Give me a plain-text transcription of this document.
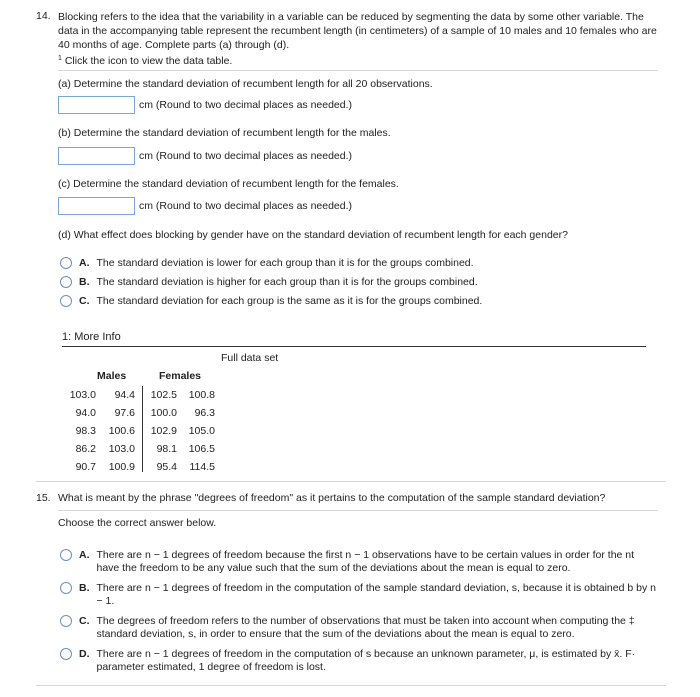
14. Blocking refers to the idea that the variability in a variable can be reduced by segmenting the data by some other variable. The data in the accompanying table represent the recumbent length (in centimeters) of a sample of 10 males and 10 females who are 40 months of age. Complete parts (a) through (d).
$^1$ Click the icon to view the data table.
(a) Determine the standard deviation of recumbent length for all 20 observations.
cm (Round to two decimal places as needed.)
(b) Determine the standard deviation of recumbent length for the males.
cm (Round to two decimal places as needed.)
(c) Determine the standard deviation of recumbent length for the females.
cm (Round to two decimal places as needed.)
(d) What effect does blocking by gender have on the standard deviation of recumbent length for each gender?
A. The standard deviation is lower for each group than it is for the groups combined.
B. The standard deviation is higher for each group than it is for the groups combined.
C. The standard deviation for each group is the same as it is for the groups combined.
1: More Info
Full data set
Males	Females
103.0
94.0
98.3
86.2
90.7
94.4
97.6
100.6
103.0
100.9
102.5
100.0
102.9
98.1
95.4
100.8
96.3
105.0
106.5
114.5
15. What is meant by the phrase "degrees of freedom" as it pertains to the computation of the sample standard deviation?
Choose the correct answer below.
A. There are n − 1 degrees of freedom because the first n − 1 observations have to be certain values in order for the nt have the freedom to be any value such that the sum of the deviations about the mean is equal to zero.
B. There are n − 1 degrees of freedom in the computation of the sample standard deviation, s, because it is obtained b by n − 1.
C. The degrees of freedom refers to the number of observations that must be taken into account when computing the ‡ standard deviation, s, in order to ensure that the sum of the deviations about the mean is equal to zero.
D. There are n − 1 degrees of freedom in the computation of s because an unknown parameter, μ, is estimated by x̄. F· parameter estimated, 1 degree of freedom is lost.
